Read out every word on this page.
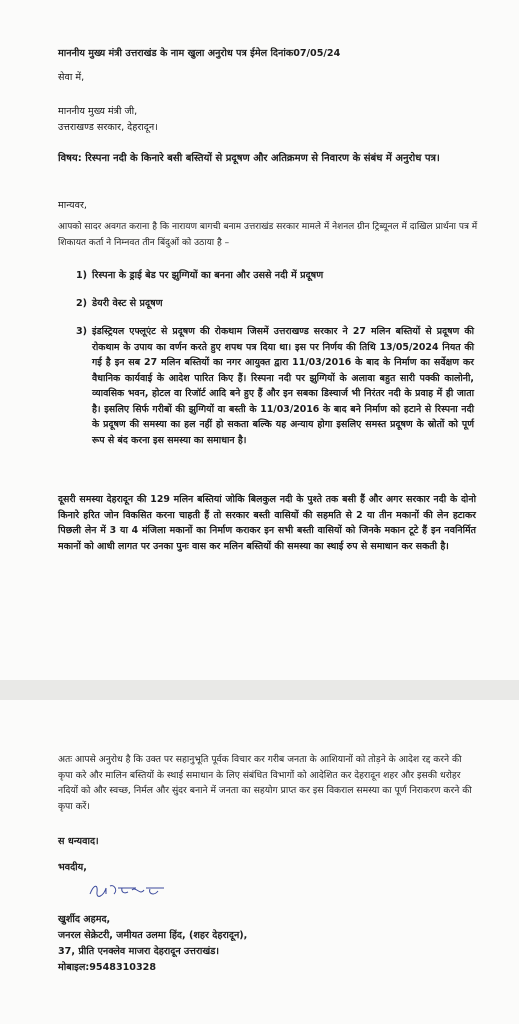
माननीय मुख्य मंत्री उत्तराखंड के नाम खुला अनुरोध पत्र ईमेल दिनांक07/05/24

सेवा में,

माननीय मुख्य मंत्री जी,

उत्तराखण्ड सरकार, देहरादून।

विषय: रिस्पना नदी के किनारे बसी बस्तियों से प्रदूषण और अतिक्रमण से निवारण के संबंध में अनुरोध पत्र।

मान्यवर,

आपको सादर अवगत कराना है कि नारायण बागची बनाम उत्तराखंड सरकार मामले में नेशनल ग्रीन ट्रिब्यूनल में दाखिल प्रार्थना पत्र में शिकायत कर्ता ने निम्नवत तीन बिंदुओं को उठाया है –

1) रिस्पना के ड्राई बेड पर झुग्गियों का बनना और उससे नदी में प्रदूषण

2) डेयरी वेस्ट से प्रदूषण

3) इंडस्ट्रियल एफ्लूएंट से प्रदूषण की रोकथाम जिसमें उत्तराखण्ड सरकार ने 27 मलिन बस्तियों से प्रदूषण की रोकथाम के उपाय का वर्णन करते हुए शपथ पत्र दिया था। इस पर निर्णय की तिथि 13/05/2024 नियत की गई है इन सब 27 मलिन बस्तियों का नगर आयुक्त द्वारा 11/03/2016 के बाद के निर्माण का सर्वेक्षण कर वैधानिक कार्यवाई के आदेश पारित किए हैं। रिस्पना नदी पर झुग्गियों के अलावा बहुत सारी पक्की कालोनी, व्यावसिक भवन, होटल वा रिजॉर्ट आदि बने हुए हैं और इन सबका डिस्चार्ज भी निरंतर नदी के प्रवाह में ही जाता है। इसलिए सिर्फ गरीबों की झुग्गियों वा बस्ती के 11/03/2016 के बाद बने निर्माण को हटाने से रिस्पना नदी के प्रदूषण की समस्या का हल नहीं हो सकता बल्कि यह अन्याय होगा इसलिए समस्त प्रदूषण के स्रोतों को पूर्ण रूप से बंद करना इस समस्या का समाधान है।

दूसरी समस्या देहरादून की 129 मलिन बस्तियां जोकि बिलकुल नदी के पुश्ते तक बसी हैं और अगर सरकार नदी के दोनो किनारे हरित जोन विकसित करना चाहती हैं तो सरकार बस्ती वासियों की सहमति से 2 या तीन मकानों की लेन हटाकर पिछली लेन में 3 या 4 मंजिला मकानों का निर्माण कराकर इन सभी बस्ती वासियों को जिनके मकान टूटे हैं इन नवनिर्मित मकानों को आधी लागत पर उनका पुनः वास कर मलिन बस्तियों की समस्या का स्थाई रुप से समाधान कर सकती है।

अतः आपसे अनुरोध है कि उक्त पर सहानुभूति पूर्वक विचार कर गरीब जनता के आशियानों को तोड़ने के आदेश रद्द करने की कृपा करे और मालिन बस्तियों के स्थाई समाधान के लिए संबंधित विभागों को आदेशित कर देहरादून शहर और इसकी धरोहर नदियों को और स्वच्छ, निर्मल और सुंदर बनाने में जनता का सहयोग प्राप्त कर इस विकराल समस्या का पूर्ण निराकरण करने की कृपा करें।

स धन्यवाद।

भवदीय,

खुर्शीद अहमद,

जनरल सेक्रेटरी, जमीयत उलमा हिंद, (शहर देहरादून),

37, प्रीति एनक्लेव माजरा देहरादून उत्तराखंड।

मोबाइल:9548310328
